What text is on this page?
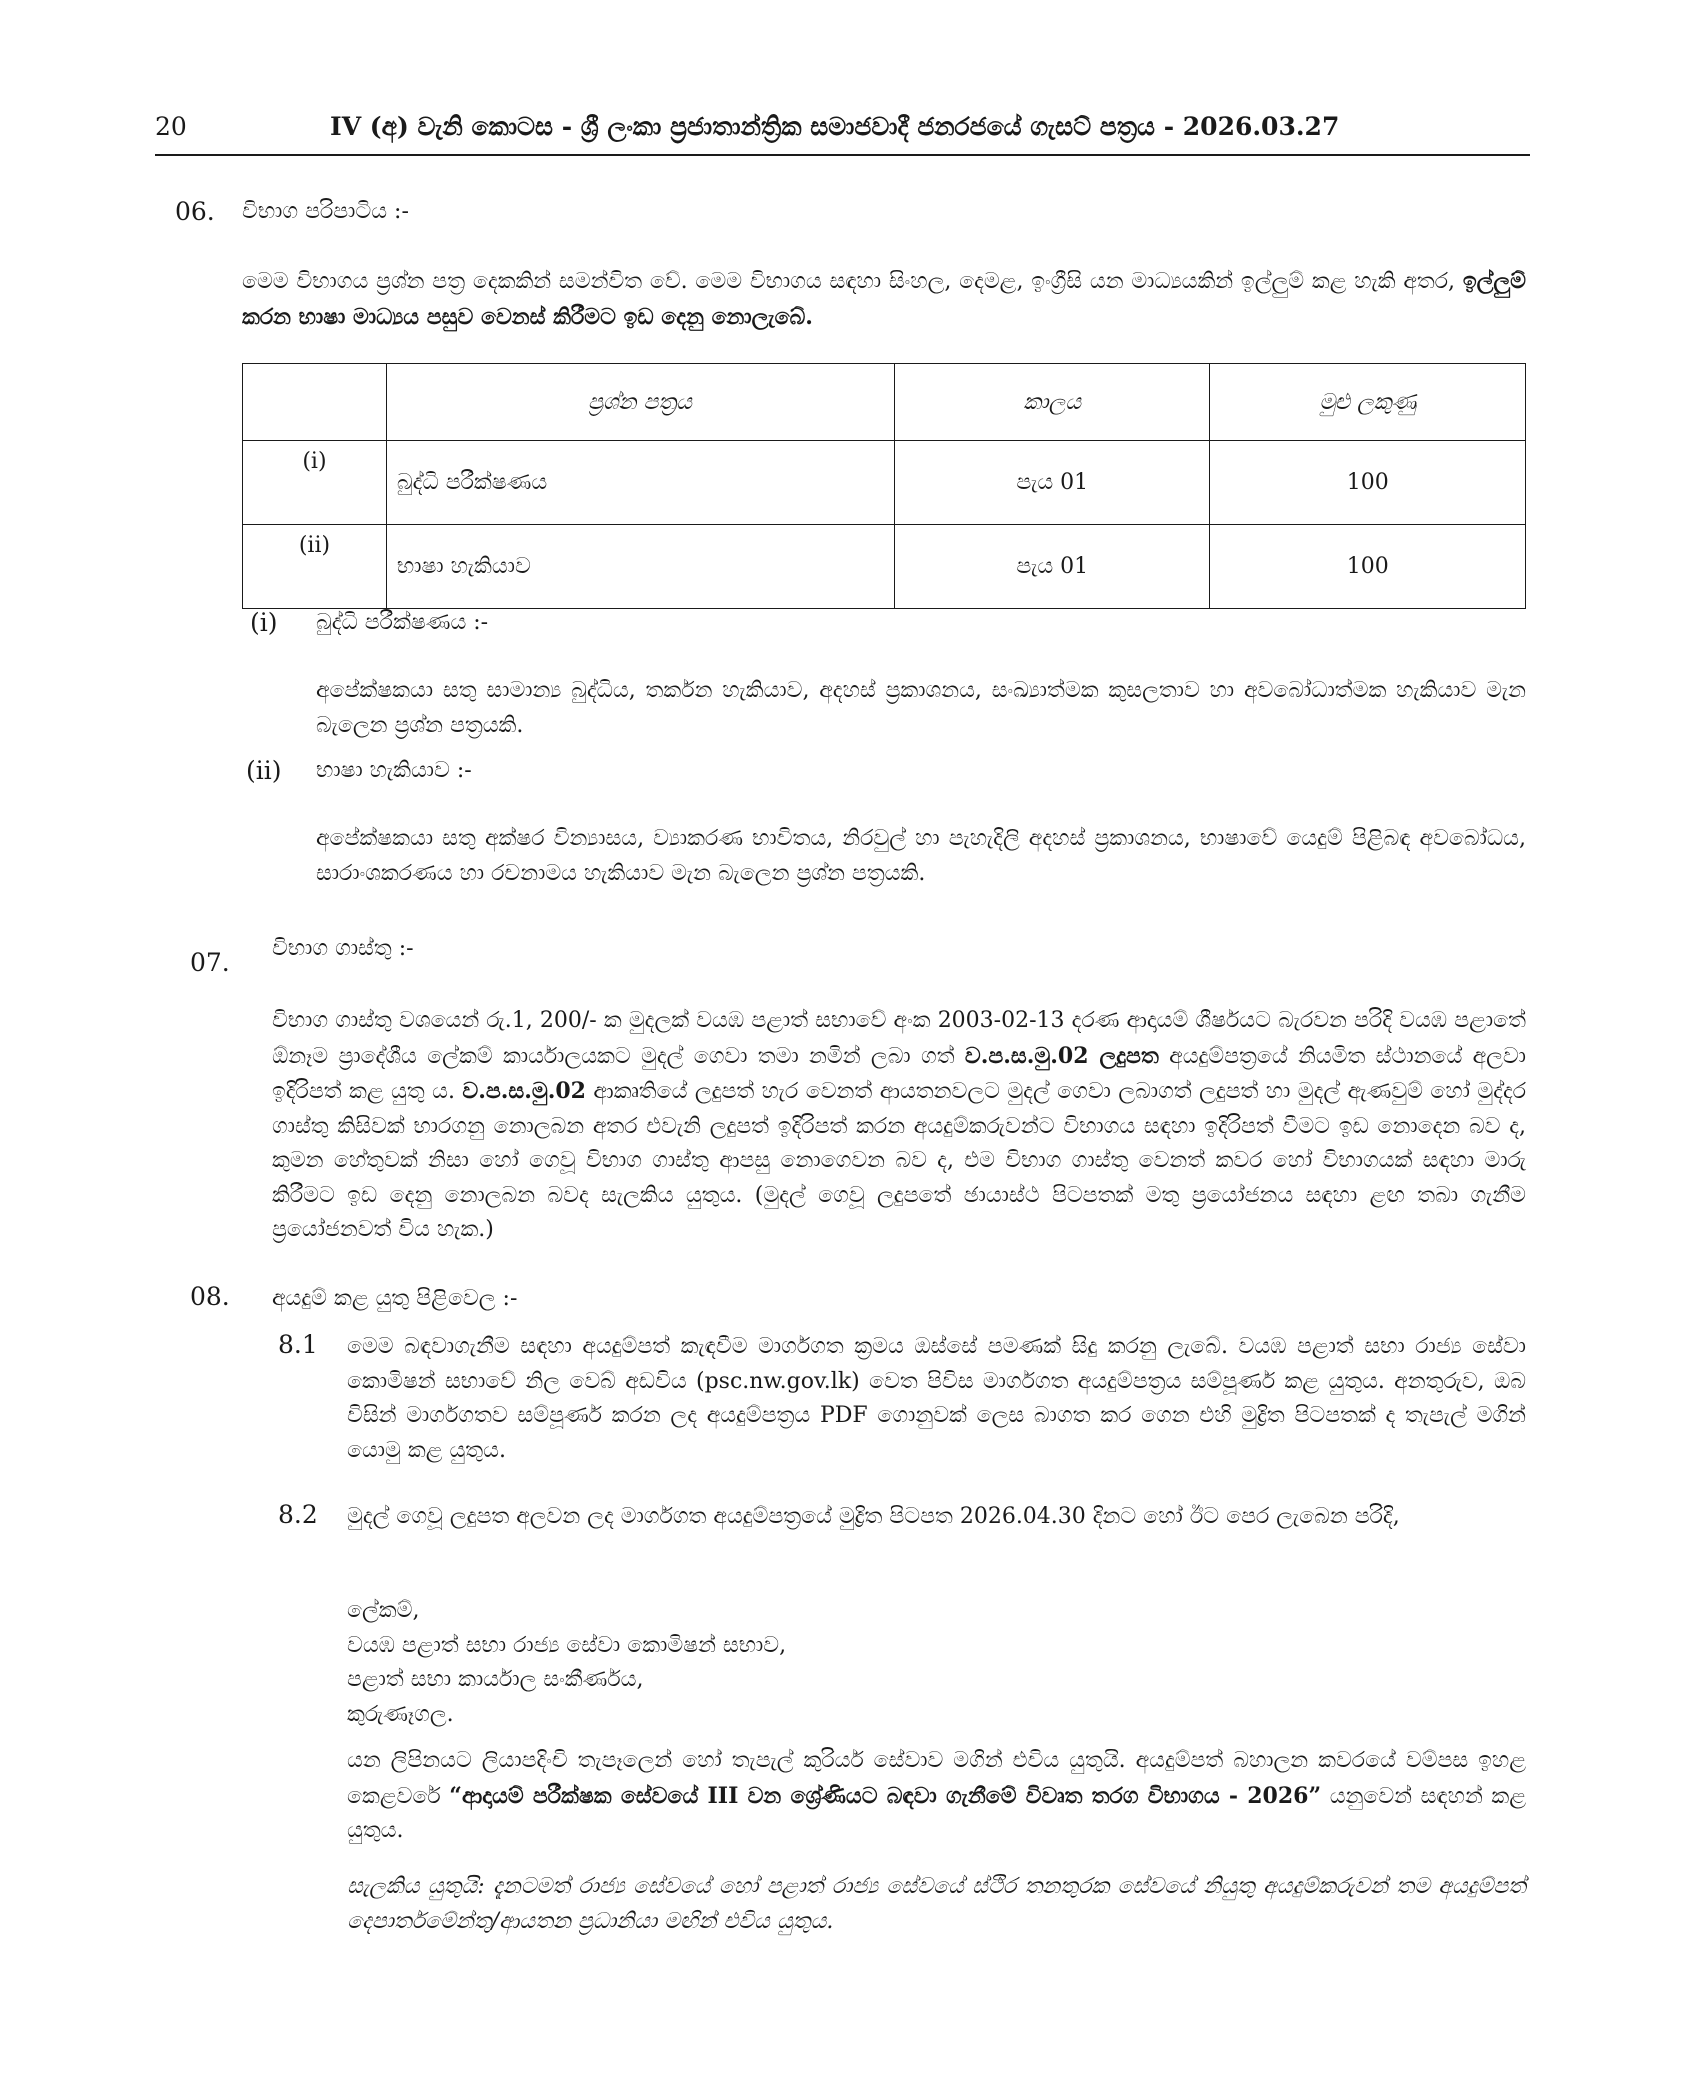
20	IV (අ) වැනි කොටස - ශ්‍රී ලංකා ප්‍රජාතාන්ත්‍රික සමාජවාදී ජනරජයේ ගැසට් පත්‍රය - 2026.03.27
06. විභාග පරිපාටිය :-
මෙම විභාගය ප්‍රශ්න පත්‍ර දෙකකින් සමන්විත වේ. මෙම විභාගය සඳහා සිංහල, දෙමළ, ඉංග්‍රීසි යන මාධ්‍යයකින් ඉල්ලුම් කළ හැකි අතර, ඉල්ලුම් කරන භාෂා මාධ්‍යය පසුව වෙනස් කිරීමට ඉඩ දෙනු නොලැබේ.
	ප්‍රශ්න පත්‍රය	කාලය	මුළු ලකුණු
(i)	බුද්ධි පරීක්ෂණය	පැය 01	100
(ii)	භාෂා හැකියාව	පැය 01	100
(i) බුද්ධි පරීක්ෂණය :-
අපේක්ෂකයා සතු සාමාන්‍ය බුද්ධිය, තර්කන හැකියාව, අදහස් ප්‍රකාශනය, සංඛ්‍යාත්මක කුසලතාව හා අවබෝධාත්මක හැකියාව මැන බැලෙන ප්‍රශ්න පත්‍රයකි.
(ii) භාෂා හැකියාව :-
අපේක්ෂකයා සතු අක්ෂර වින්‍යාසය, ව්‍යාකරණ භාවිතය, නිරවුල් හා පැහැදිලි අදහස් ප්‍රකාශනය, භාෂාවේ යෙදුම් පිළිබඳ අවබෝධය, සාරාංශකරණය හා රචනාමය හැකියාව මැන බැලෙන ප්‍රශ්න පත්‍රයකි.
07. විභාග ගාස්තු :-
විභාග ගාස්තු වශයෙන් රු.1, 200/- ක මුදලක් වයඹ පළාත් සභාවේ අංක 2003-02-13 දරණ ආදායම් ශීර්ෂයට බැරවන පරිදි වයඹ පළාතේ ඕනෑම ප්‍රාදේශීය ලේකම් කාර්යාලයකට මුදල් ගෙවා තමා නමින් ලබා ගත් ව.ප.ස.මු.02 ලදුපත අයදුම්පත්‍රයේ නියමිත ස්ථානයේ අලවා ඉදිරිපත් කළ යුතු ය. ව.ප.ස.මු.02 ආකෘතියේ ලදුපත් හැර වෙනත් ආයතනවලට මුදල් ගෙවා ලබාගත් ලදුපත් හා මුදල් ඇණවුම් හෝ මුද්දර ගාස්තු කිසිවක් භාරගනු නොලබන අතර එවැනි ලදුපත් ඉදිරිපත් කරන අයදුම්කරුවන්ට විභාගය සඳහා ඉදිරිපත් වීමට ඉඩ නොදෙන බව ද, කුමන හේතුවක් නිසා හෝ ගෙවූ විභාග ගාස්තු ආපසු නොගෙවන බව ද, එම විභාග ගාස්තු වෙනත් කවර හෝ විභාගයක් සඳහා මාරු කිරීමට ඉඩ දෙනු නොලබන බවද සැලකිය යුතුය. (මුදල් ගෙවූ ලදුපතේ ඡායාස්ථ පිටපතක් මතු ප්‍රයෝජනය සඳහා ළඟ තබා ගැනීම ප්‍රයෝජනවත් විය හැක.)
08. අයදුම් කළ යුතු පිළිවෙල :-
8.1 මෙම බඳවාගැනීම සඳහා අයදුම්පත් කැඳවීම මාර්ගගත ක්‍රමය ඔස්සේ පමණක් සිදු කරනු ලැබේ. වයඹ පළාත් සභා රාජ්‍ය සේවා කොමිෂන් සභාවේ නිල වෙබ් අඩවිය (psc.nw.gov.lk) වෙත පිවිස මාර්ගගත අයදුම්පත්‍රය සම්පූර්ණ කළ යුතුය. අනතුරුව, ඔබ විසින් මාර්ගගතව සම්පූර්ණ කරන ලද අයදුම්පත්‍රය PDF ගොනුවක් ලෙස බාගත කර ගෙන එහි මුද්‍රිත පිටපතක් ද තැපැල් මගින් යොමු කළ යුතුය.
8.2 මුදල් ගෙවූ ලදුපත අලවන ලද මාර්ගගත අයදුම්පත්‍රයේ මුද්‍රිත පිටපත 2026.04.30 දිනට හෝ ඊට පෙර ලැබෙන පරිදි,
ලේකම්,
වයඹ පළාත් සභා රාජ්‍ය සේවා කොමිෂන් සභාව,
පළාත් සභා කාර්යාල සංකීර්ණය,
කුරුණෑගල.
යන ලිපිනයට ලියාපදිංචි තැපෑලෙන් හෝ තැපැල් කුරියර් සේවාව මගින් එවිය යුතුයි. අයදුම්පත් බහාලන කවරයේ වම්පස ඉහළ කෙළවරේ “ආදායම් පරීක්ෂක සේවයේ III වන ශ්‍රේණියට බඳවා ගැනීමේ විවෘත තරග විභාගය - 2026” යනුවෙන් සඳහන් කළ යුතුය.
සැලකිය යුතුයි: දැනටමත් රාජ්‍ය සේවයේ හෝ පළාත් රාජ්‍ය සේවයේ ස්ථිර තනතුරක සේවයේ නියුතු අයදුම්කරුවන් තම අයදුම්පත් දෙපාර්තමේන්තු/ආයතන ප්‍රධානියා මඟින් එවිය යුතුය.
